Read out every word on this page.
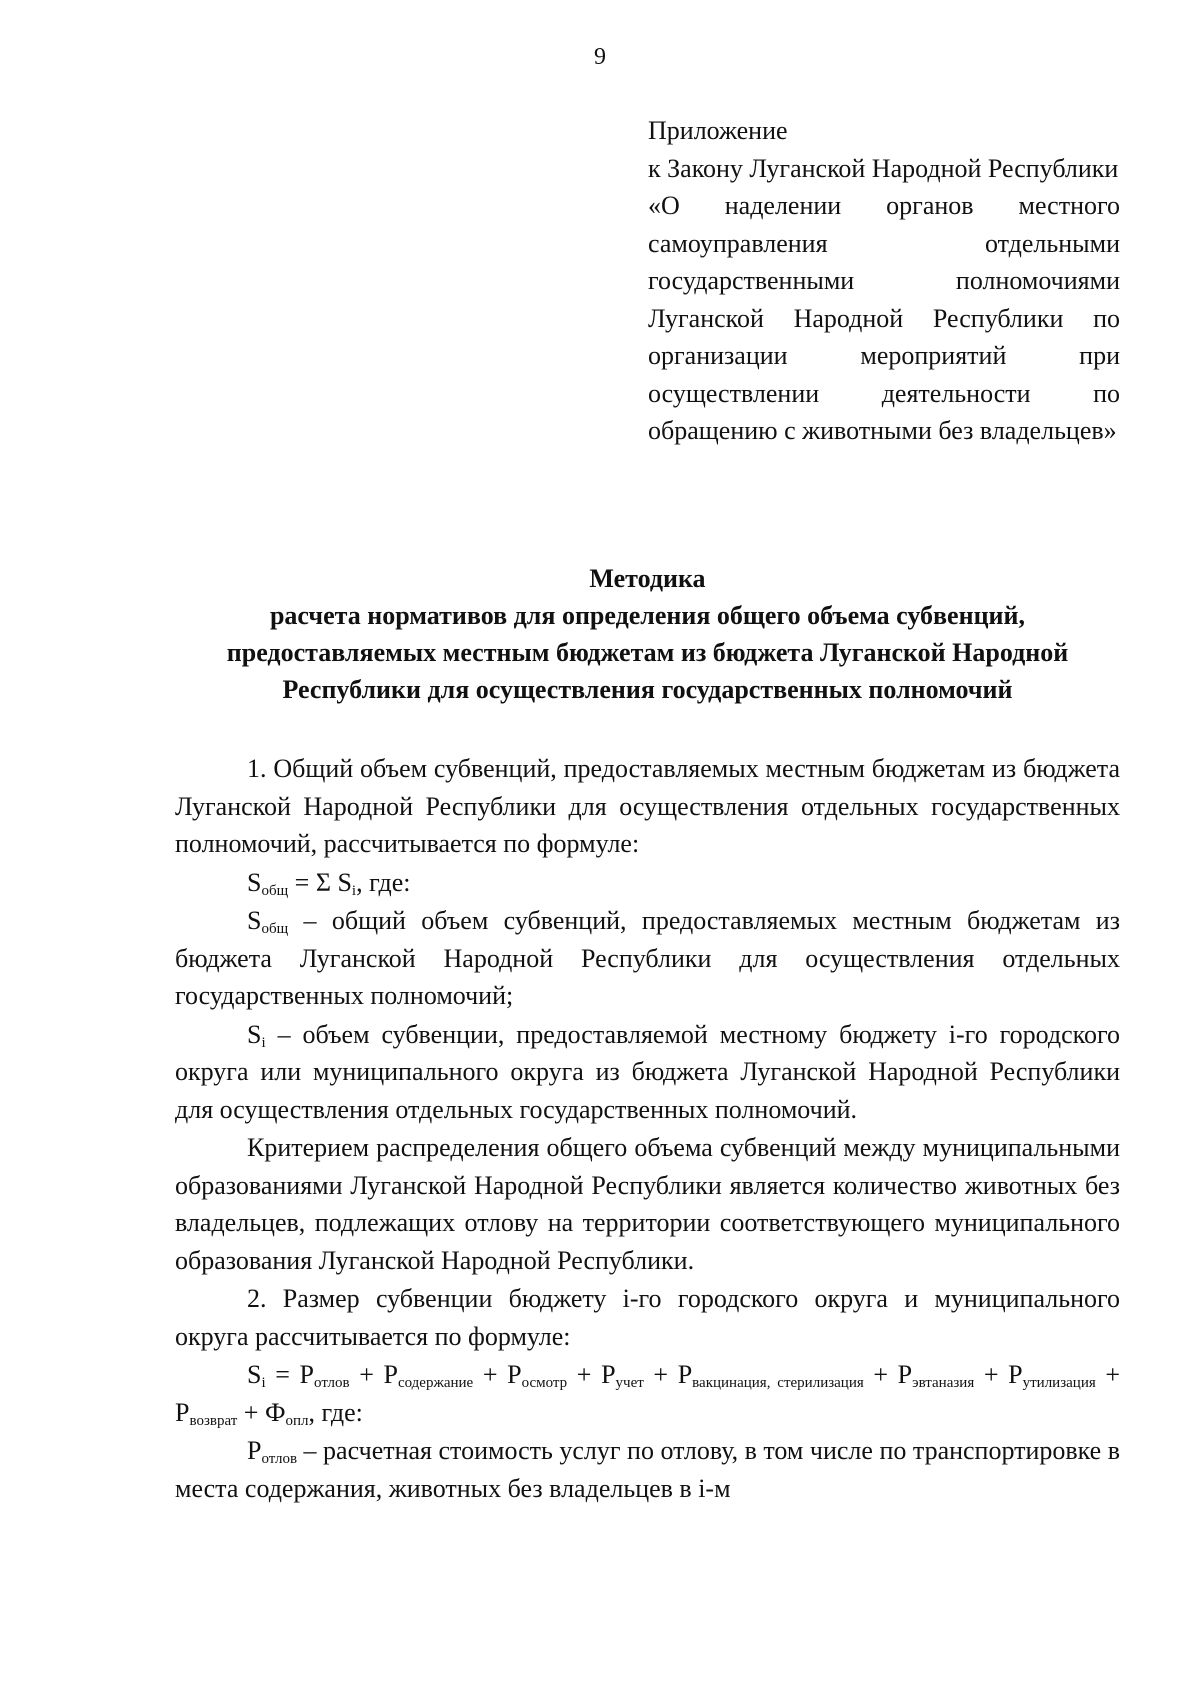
9

Приложение

к Закону Луганской Народной Республики

«О наделении органов местного самоуправления отдельными государственными полномочиями Луганской Народной Республики по организации мероприятий при осуществлении деятельности по обращению с животными без владельцев»

Методика
расчета нормативов для определения общего объема субвенций,
предоставляемых местным бюджетам из бюджета Луганской Народной
Республики для осуществления государственных полномочий

1. Общий объем субвенций, предоставляемых местным бюджетам из бюджета Луганской Народной Республики для осуществления отдельных государственных полномочий, рассчитывается по формуле:

$S_{общ} = \Sigma$ $S_i$, где:

$S_{общ}$ – общий объем субвенций, предоставляемых местным бюджетам из бюджета Луганской Народной Республики для осуществления отдельных государственных полномочий;

$S_i$ – объем субвенции, предоставляемой местному бюджету i-го городского округа или муниципального округа из бюджета Луганской Народной Республики для осуществления отдельных государственных полномочий.

Критерием распределения общего объема субвенций между муниципальными образованиями Луганской Народной Республики является количество животных без владельцев, подлежащих отлову на территории соответствующего муниципального образования Луганской Народной Республики.

2. Размер субвенции бюджету i-го городского округа и муниципального округа рассчитывается по формуле:

$S_i = P_{отлов} + P_{содержание} + P_{осмотр} + P_{учет} + P_{вакцинация, стерилизация} + P_{эвтаназия} + P_{утилизация} + P_{возврат} + Ф_{опл}$, где:

$P_{отлов}$ – расчетная стоимость услуг по отлову, в том числе по транспортировке в места содержания, животных без владельцев в i-м
